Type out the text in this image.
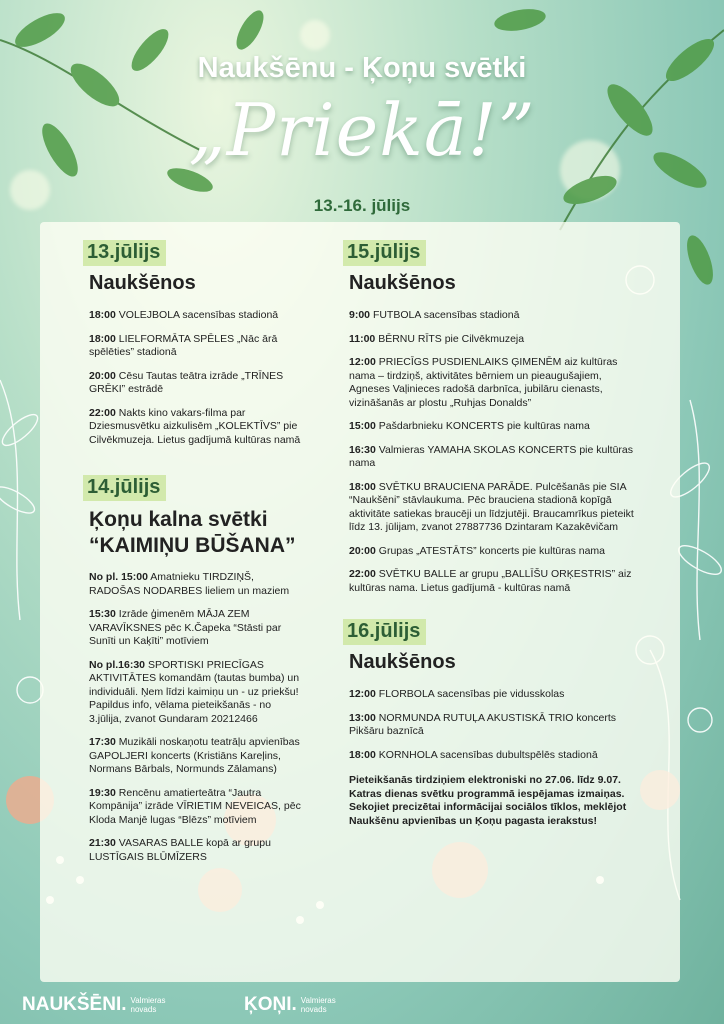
Naukšēnu - Ķoņu svētki
„Priekā!”
13.-16. jūlijs
13.jūlijs
Naukšēnos
18:00 VOLEJBOLA sacensības stadionā
18:00 LIELFORMĀTA SPĒLES „Nāc ārā spēlēties” stadionā
20:00 Cēsu Tautas teātra izrāde „TRĪNES GRĒKI” estrādē
22:00 Nakts kino vakars-filma par Dziesmusvētku aizkulisēm „KOLEKTĪVS” pie Cilvēkmuzeja. Lietus gadījumā kultūras namā
14.jūlijs
Ķoņu kalna svētki “KAIMIŅU BŪŠANA”
No pl. 15:00 Amatnieku TIRDZIŅŠ, RADOŠAS NODARBES lieliem un maziem
15:30 Izrāde ģimenēm MĀJA ZEM VARAVĪKSNES pēc K.Čapeka “Stāsti par Sunīti un Kaķīti” motīviem
No pl.16:30 SPORTISKI PRIECĪGAS AKTIVITĀTES komandām (tautas bumba) un individuāli. Ņem līdzi kaimiņu un - uz priekšu! Papildus info, vēlama pieteikšanās - no 3.jūlija, zvanot Gundaram 20212466
17:30 Muzikāli noskaņotu teatrāļu apvienības GAPOLJERI koncerts (Kristiāns Kareļins, Normans Bārbals, Normunds Zālamans)
19:30 Rencēnu amatierteātra “Jautra Kompānija” izrāde VĪRIETIM NEVEICAS, pēc Kloda Manjē lugas “Blēzs” motīviem
21:30 VASARAS BALLE kopā ar grupu LUSTĪGAIS BLŪMĪZERS
15.jūlijs
Naukšēnos
9:00 FUTBOLA sacensības stadionā
11:00 BĒRNU RĪTS pie Cilvēkmuzeja
12:00 PRIECĪGS PUSDIENLAIKS ĢIMENĒM aiz kultūras nama – tirdziņš, aktivitātes bērniem un pieaugušajiem, Agneses Vaļinieces radošā darbnīca, jubilāru cienasts, vizināšanās ar plostu „Ruhjas Donalds”
15:00 Pašdarbnieku KONCERTS pie kultūras nama
16:30 Valmieras YAMAHA SKOLAS KONCERTS pie kultūras nama
18:00 SVĒTKU BRAUCIENA PARĀDE. Pulcēšanās pie SIA “Naukšēni” stāvlaukuma. Pēc brauciena stadionā kopīgā aktivitāte satiekas braucēji un līdzjutēji. Braucamrīkus pieteikt līdz 13. jūlijam, zvanot 27887736 Dzintaram Kazakēvičam
20:00 Grupas „ATESTĀTS” koncerts pie kultūras nama
22:00 SVĒTKU BALLE ar grupu „BALLĪŠU ORĶESTRIS” aiz kultūras nama. Lietus gadījumā - kultūras namā
16.jūlijs
Naukšēnos
12:00 FLORBOLA sacensības pie vidusskolas
13:00 NORMUNDA RUTUĻA AKUSTISKĀ TRIO koncerts Pikšāru baznīcā
18:00 KORNHOLA sacensības dubultspēlēs stadionā
Pieteikšanās tirdziņiem elektroniski no 27.06. līdz 9.07. Katras dienas svētku programmā iespējamas izmaiņas. Sekojiet precizētai informācijai sociālos tīklos, meklējot Naukšēnu apvienības un Ķoņu pagasta ierakstus!
NAUKŠĒNI. Valmieras
novads	ĶOŅI. Valmieras
novads
